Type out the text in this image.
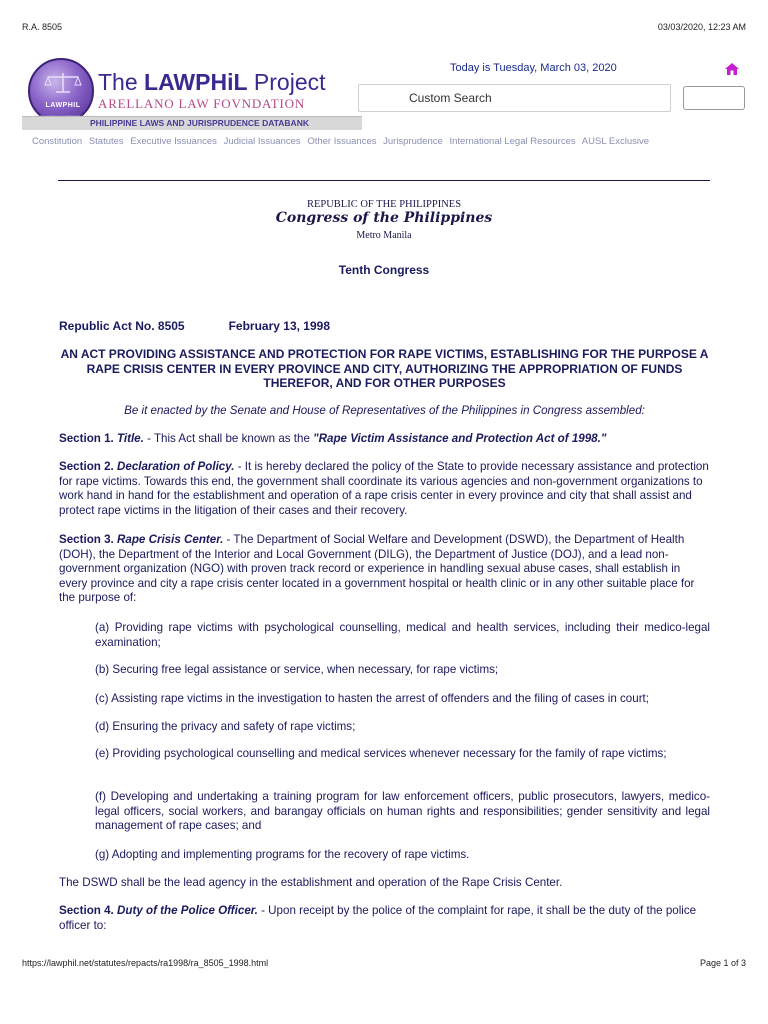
R.A. 8505	03/03/2020, 12:23 AM
LAWPHIL
The LAWPHiL Project
ARELLANO LAW FOVNDATION
PHILIPPINE LAWS AND JURISPRUDENCE DATABANK
Today is Tuesday, March 03, 2020
Custom Search
Constitution Statutes Executive Issuances Judicial Issuances Other Issuances Jurisprudence International Legal Resources AUSL Exclusive
REPUBLIC OF THE PHILIPPINES
Congress of the Philippines
Metro Manila
Tenth Congress
Republic Act No. 8505	February 13, 1998
AN ACT PROVIDING ASSISTANCE AND PROTECTION FOR RAPE VICTIMS, ESTABLISHING FOR THE PURPOSE A RAPE CRISIS CENTER IN EVERY PROVINCE AND CITY, AUTHORIZING THE APPROPRIATION OF FUNDS THEREFOR, AND FOR OTHER PURPOSES
Be it enacted by the Senate and House of Representatives of the Philippines in Congress assembled:
Section 1. Title. - This Act shall be known as the "Rape Victim Assistance and Protection Act of 1998."
Section 2. Declaration of Policy. - It is hereby declared the policy of the State to provide necessary assistance and protection for rape victims. Towards this end, the government shall coordinate its various agencies and non-government organizations to work hand in hand for the establishment and operation of a rape crisis center in every province and city that shall assist and protect rape victims in the litigation of their cases and their recovery.
Section 3. Rape Crisis Center. - The Department of Social Welfare and Development (DSWD), the Department of Health (DOH), the Department of the Interior and Local Government (DILG), the Department of Justice (DOJ), and a lead non-government organization (NGO) with proven track record or experience in handling sexual abuse cases, shall establish in every province and city a rape crisis center located in a government hospital or health clinic or in any other suitable place for the purpose of:
(a) Providing rape victims with psychological counselling, medical and health services, including their medico-legal examination;
(b) Securing free legal assistance or service, when necessary, for rape victims;
(c) Assisting rape victims in the investigation to hasten the arrest of offenders and the filing of cases in court;
(d) Ensuring the privacy and safety of rape victims;
(e) Providing psychological counselling and medical services whenever necessary for the family of rape victims;
(f) Developing and undertaking a training program for law enforcement officers, public prosecutors, lawyers, medico-legal officers, social workers, and barangay officials on human rights and responsibilities; gender sensitivity and legal management of rape cases; and
(g) Adopting and implementing programs for the recovery of rape victims.
The DSWD shall be the lead agency in the establishment and operation of the Rape Crisis Center.
Section 4. Duty of the Police Officer. - Upon receipt by the police of the complaint for rape, it shall be the duty of the police officer to:
https://lawphil.net/statutes/repacts/ra1998/ra_8505_1998.html	Page 1 of 3
